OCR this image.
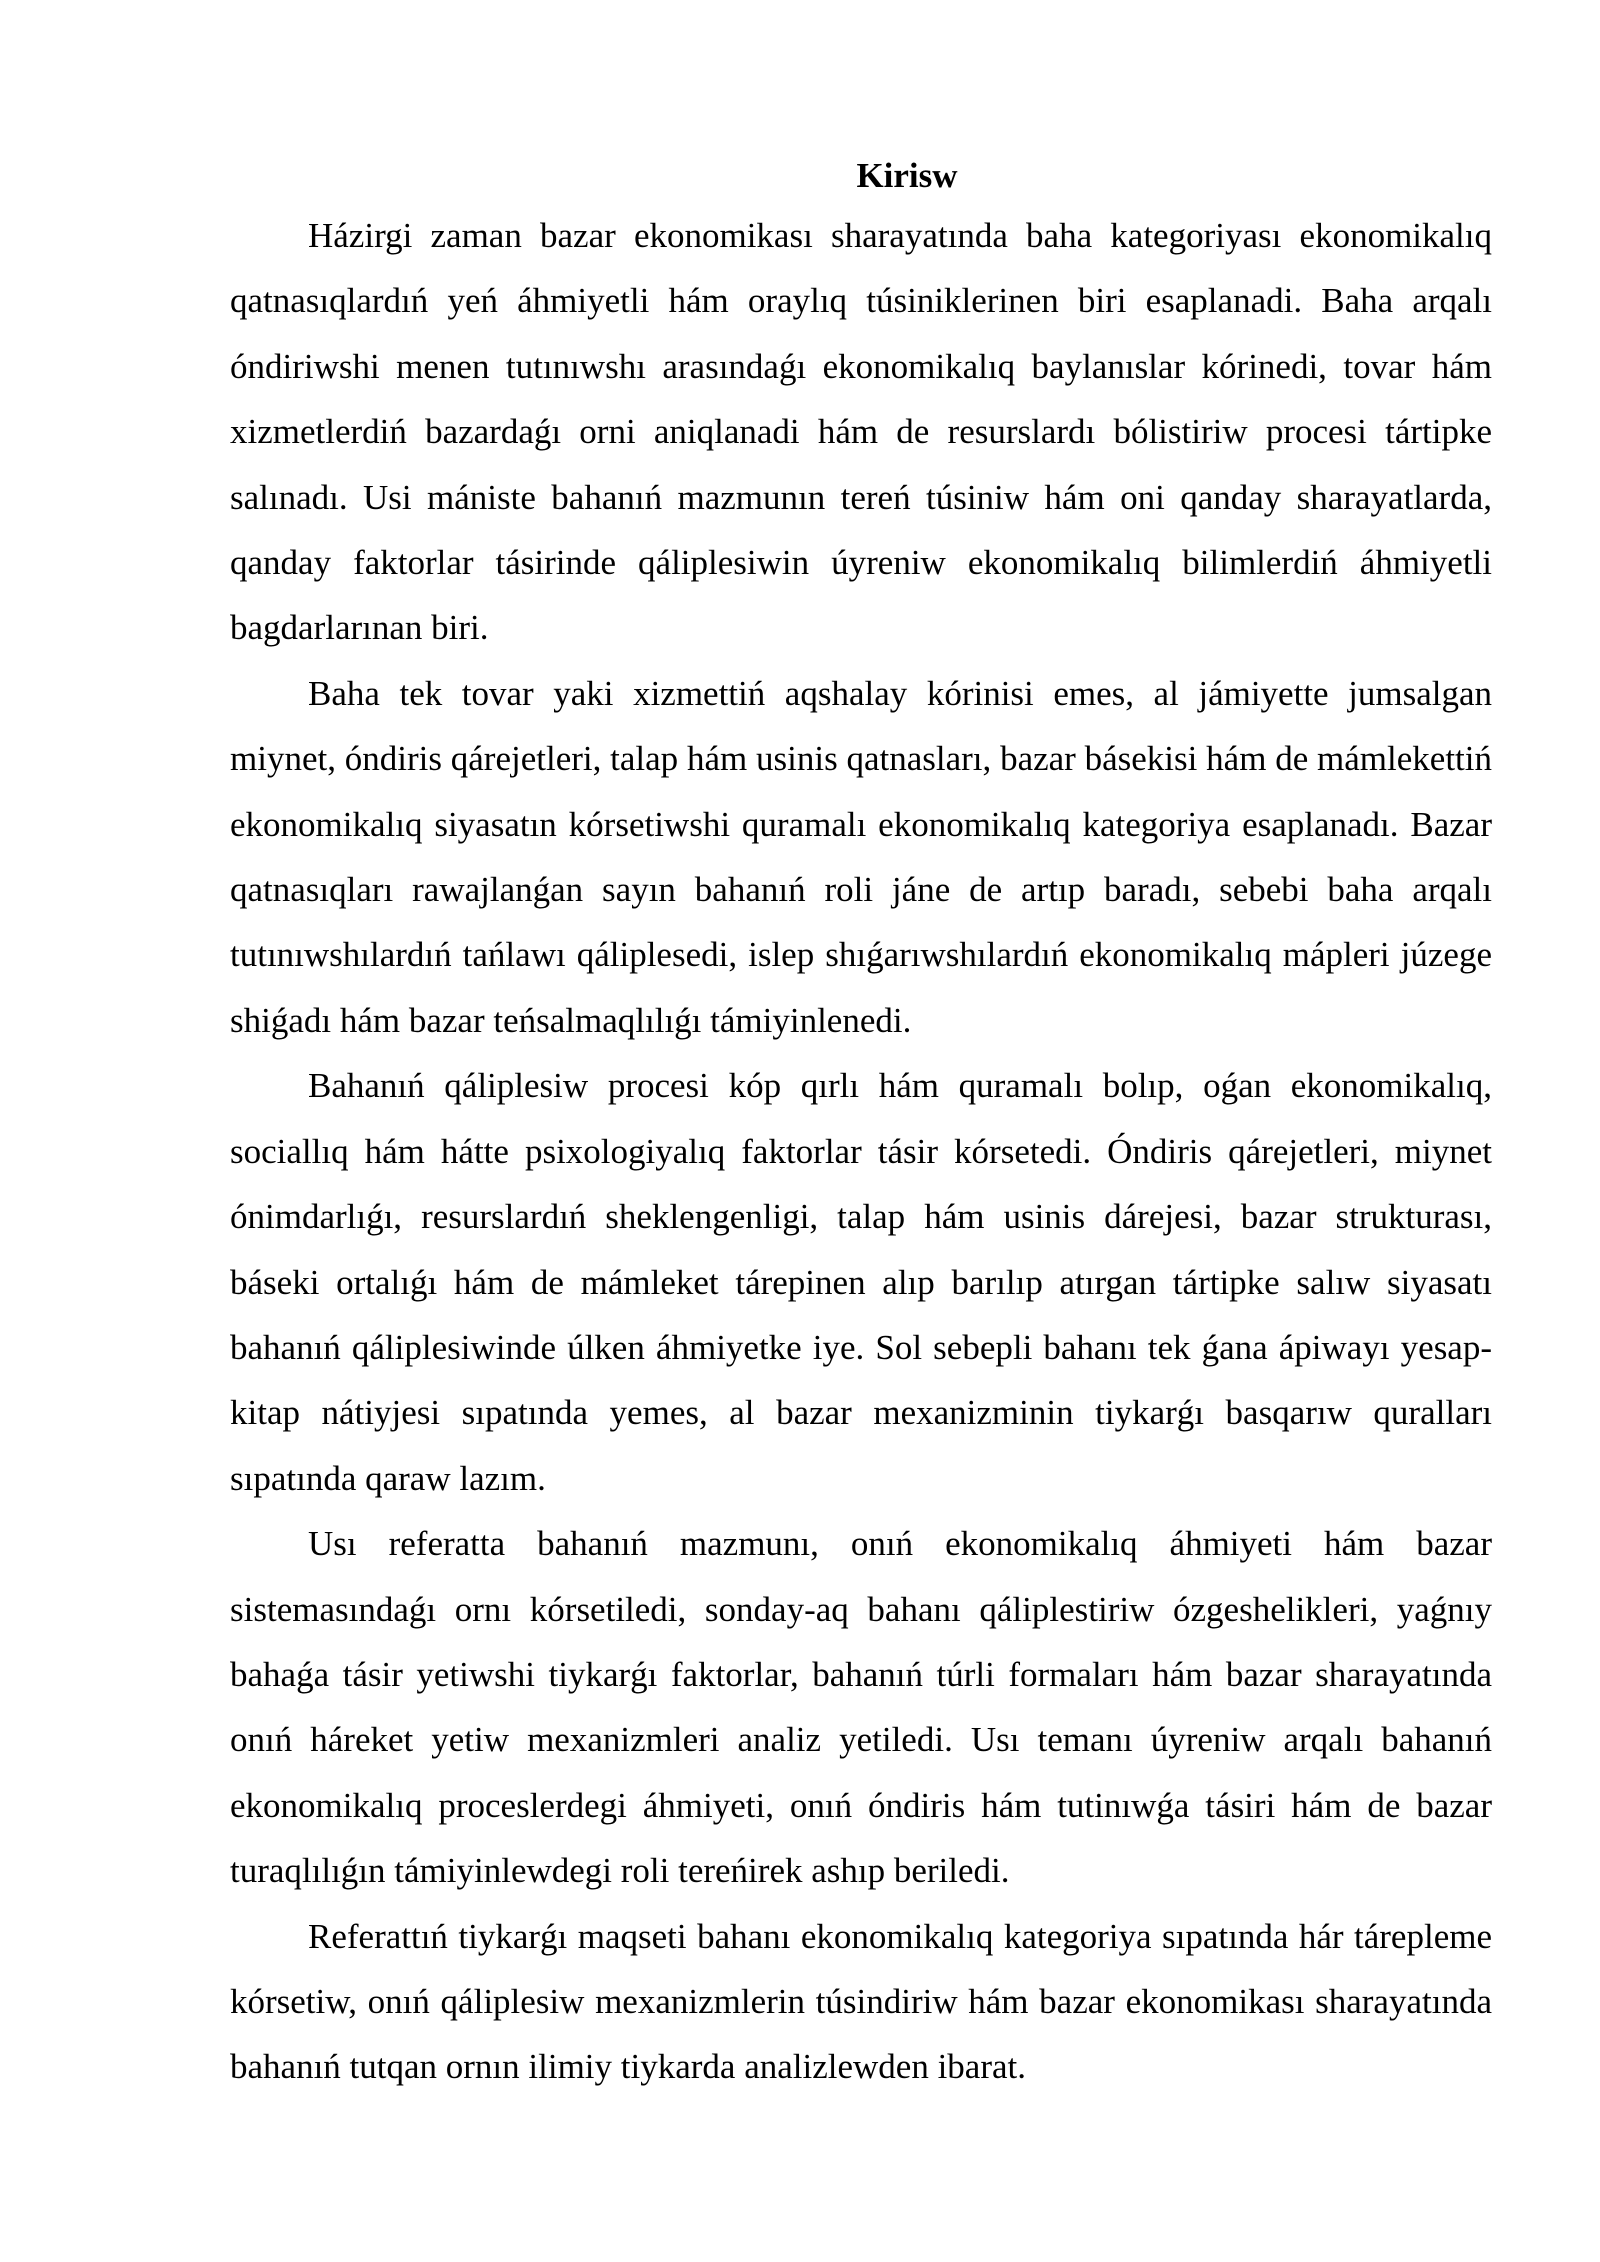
Kirisw

Házirgi zaman bazar ekonomikası sharayatında baha kategoriyası ekonomikalıq qatnasıqlardıń yeń áhmiyetli hám oraylıq túsiniklerinen biri esaplanadi. Baha arqalı óndiriwshi menen tutınıwshı arasındaǵı ekonomikalıq baylanıslar kórinedi, tovar hám xizmetlerdiń bazardaǵı orni aniqlanadi hám de resurslardı bólistiriw procesi tártipke salınadı. Usi mániste bahanıń mazmunın tereń túsiniw hám oni qanday sharayatlarda, qanday faktorlar tásirinde qáliplesiwin úyreniw ekonomikalıq bilimlerdiń áhmiyetli bagdarlarınan biri.

Baha tek tovar yaki xizmettiń aqshalay kórinisi emes, al jámiyette jumsalgan miynet, óndiris qárejetleri, talap hám usinis qatnasları, bazar básekisi hám de mámlekettiń ekonomikalıq siyasatın kórsetiwshi quramalı ekonomikalıq kategoriya esaplanadı. Bazar qatnasıqları rawajlanǵan sayın bahanıń roli jáne de artıp baradı, sebebi baha arqalı tutınıwshılardıń tańlawı qáliplesedi, islep shıǵarıwshılardıń ekonomikalıq mápleri júzege shiǵadı hám bazar teńsalmaqlılıǵı támiyinlenedi.

Bahanıń qáliplesiw procesi kóp qırlı hám quramalı bolıp, oǵan ekonomikalıq, sociallıq hám hátte psixologiyalıq faktorlar tásir kórsetedi. Óndiris qárejetleri, miynet ónimdarlıǵı, resurslardıń sheklengenligi, talap hám usinis dárejesi, bazar strukturası, báseki ortalıǵı hám de mámleket tárepinen alıp barılıp atırgan tártipke salıw siyasatı bahanıń qáliplesiwinde úlken áhmiyetke iye. Sol sebepli bahanı tek ǵana ápiwayı yesap-kitap nátiyjesi sıpatında yemes, al bazar mexanizminin tiykarǵı basqarıw quralları sıpatında qaraw lazım.

Usı referatta bahanıń mazmunı, onıń ekonomikalıq áhmiyeti hám bazar sistemasındaǵı ornı kórsetiledi, sonday-aq bahanı qáliplestiriw ózgeshelikleri, yaǵnıy bahaǵa tásir yetiwshi tiykarǵı faktorlar, bahanıń túrli formaları hám bazar sharayatında onıń háreket yetiw mexanizmleri analiz yetiledi. Usı temanı úyreniw arqalı bahanıń ekonomikalıq proceslerdegi áhmiyeti, onıń óndiris hám tutinıwǵa tásiri hám de bazar turaqlılıǵın támiyinlewdegi roli tereńirek ashıp beriledi.

Referattıń tiykarǵı maqseti bahanı ekonomikalıq kategoriya sıpatında hár tárepleme kórsetiw, onıń qáliplesiw mexanizmlerin túsindiriw hám bazar ekonomikası sharayatında bahanıń tutqan ornın ilimiy tiykarda analizlewden ibarat.
